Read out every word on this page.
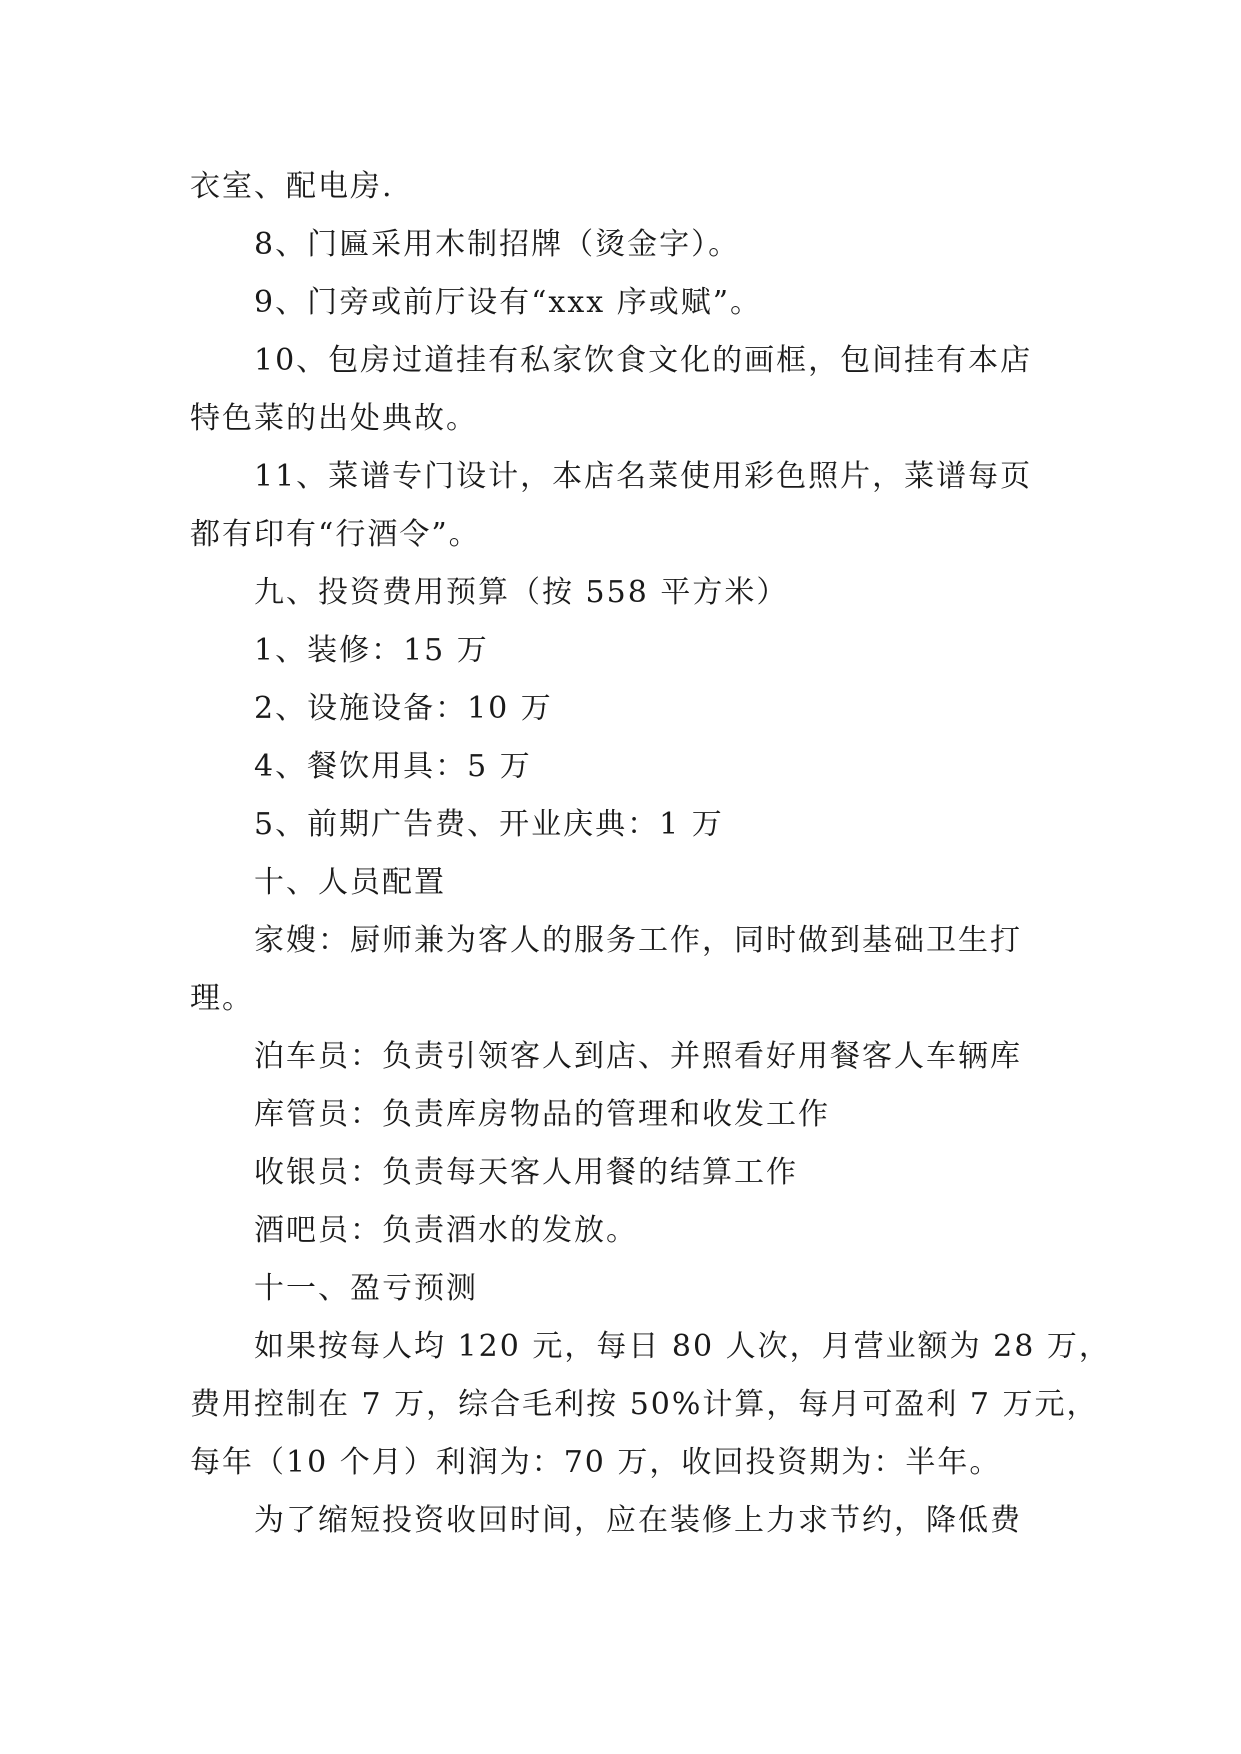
衣室、配电房.
8、门匾采用木制招牌（烫金字）。
9、门旁或前厅设有“xxx 序或赋”。
10、包房过道挂有私家饮食文化的画框，包间挂有本店
特色菜的出处典故。
11、菜谱专门设计，本店名菜使用彩色照片，菜谱每页
都有印有“行酒令”。
九、投资费用预算（按 558 平方米）
1、装修：15 万
2、设施设备：10 万
4、餐饮用具：5 万
5、前期广告费、开业庆典：1 万
十、人员配置
家嫂：厨师兼为客人的服务工作，同时做到基础卫生打
理。
泊车员：负责引领客人到店、并照看好用餐客人车辆库
库管员：负责库房物品的管理和收发工作
收银员：负责每天客人用餐的结算工作
酒吧员：负责酒水的发放。
十一、盈亏预测
如果按每人均 120 元，每日 80 人次，月营业额为 28 万，
费用控制在 7 万，综合毛利按 50%计算，每月可盈利 7 万元，
每年（10 个月）利润为：70 万，收回投资期为：半年。
为了缩短投资收回时间，应在装修上力求节约，降低费
